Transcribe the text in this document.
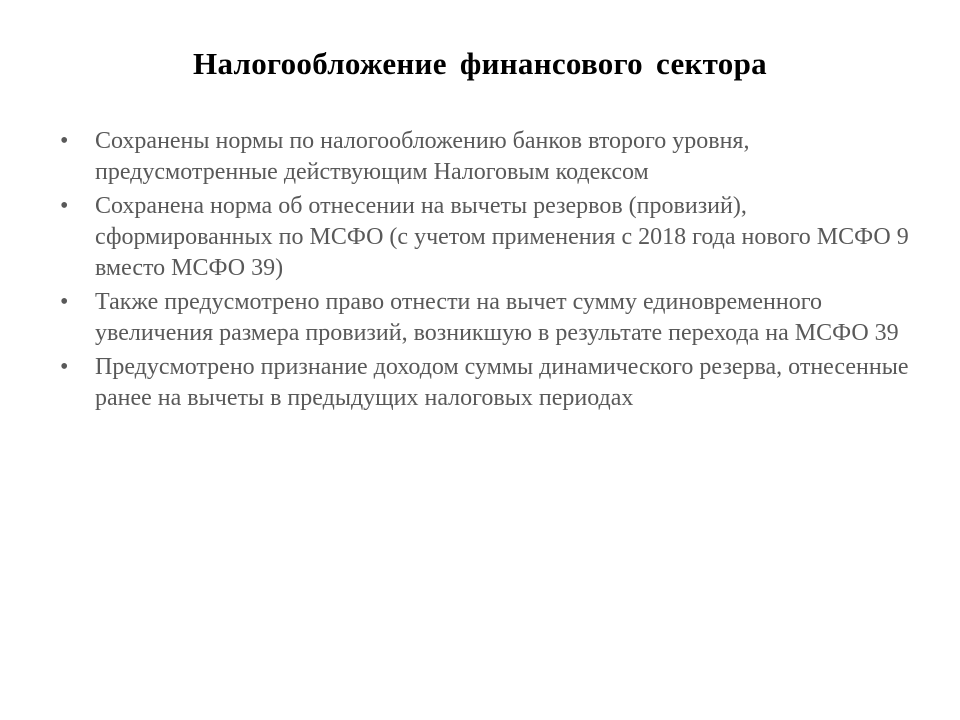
Налогообложение финансового сектора
•	Сохранены нормы по налогообложению банков второго уровня, предусмотренные действующим Налоговым кодексом
•	Сохранена норма об отнесении на вычеты резервов (провизий), сформированных по МСФО (с учетом применения с 2018 года нового МСФО 9 вместо МСФО 39)
•	Также предусмотрено право отнести на вычет сумму единовременного увеличения размера провизий, возникшую в результате перехода на МСФО 39
•	Предусмотрено признание доходом суммы динамического резерва, отнесенные ранее на вычеты в предыдущих налоговых периодах
